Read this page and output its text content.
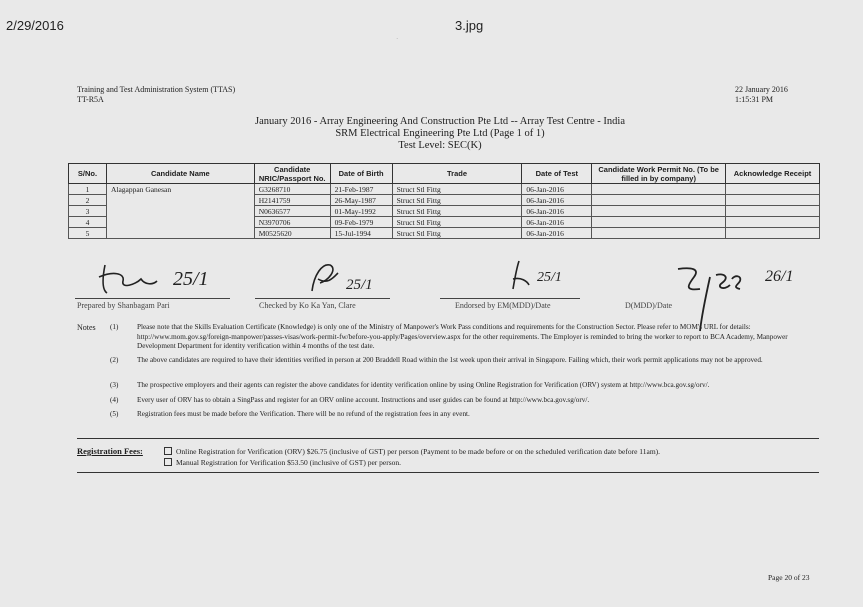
2/29/2016	3.jpg
·
Training and Test Administration System (TTAS)
TT-R5A
22 January 2016
1:15:31 PM
January 2016 - Array Engineering And Construction Pte Ltd -- Array Test Centre - India
SRM Electrical Engineering Pte Ltd (Page 1 of 1)
Test Level: SEC(K)
S/No.	Candidate Name	Candidate NRIC/Passport No.	Date of Birth	Trade	Date of Test	Candidate Work Permit No. (To be filled in by company)	Acknowledge Receipt
1	Alagappan Ganesan	G3268710	21-Feb-1987	Struct Stl Fittg	06-Jan-2016		
2		H2141759	26-May-1987	Struct Stl Fittg	06-Jan-2016		
3		N0636577	01-May-1992	Struct Stl Fittg	06-Jan-2016		
4		N3970706	09-Feb-1979	Struct Stl Fittg	06-Jan-2016		
5		M0525620	15-Jul-1994	Struct Stl Fittg	06-Jan-2016		
25/1
Prepared by Shanbagam Pari
25/1
Checked by Ko Ka Yan, Clare
25/1
Endorsed by EM(MDD)/Date
26/1
D(MDD)/Date
Notes (1)	Please note that the Skills Evaluation Certificate (Knowledge) is only one of the Ministry of Manpower's Work Pass conditions and requirements for the Construction Sector. Please refer to MOM's URL for details: http://www.mom.gov.sg/foreign-manpower/passes-visas/work-permit-fw/before-you-apply/Pages/overview.aspx for the other requirements. The Employer is reminded to bring the worker to report to BCA Academy, Manpower Development Department for identity verification within 4 months of the test date.
(2)	The above candidates are required to have their identities verified in person at 200 Braddell Road within the 1st week upon their arrival in Singapore. Failing which, their work permit applications may not be approved.
(3)	The prospective employers and their agents can register the above candidates for identity verification online by using Online Registration for Verification (ORV) system at http://www.bca.gov.sg/orv/.
(4)	Every user of ORV has to obtain a SingPass and register for an ORV online account. Instructions and user guides can be found at http://www.bca.gov.sg/orv/.
(5)	Registration fees must be made before the Verification. There will be no refund of the registration fees in any event.
Registration Fees:	Online Registration for Verification (ORV) $26.75 (inclusive of GST) per person (Payment to be made before or on the scheduled verification date before 11am).
Manual Registration for Verification $53.50 (inclusive of GST) per person.
Page 20 of 23
